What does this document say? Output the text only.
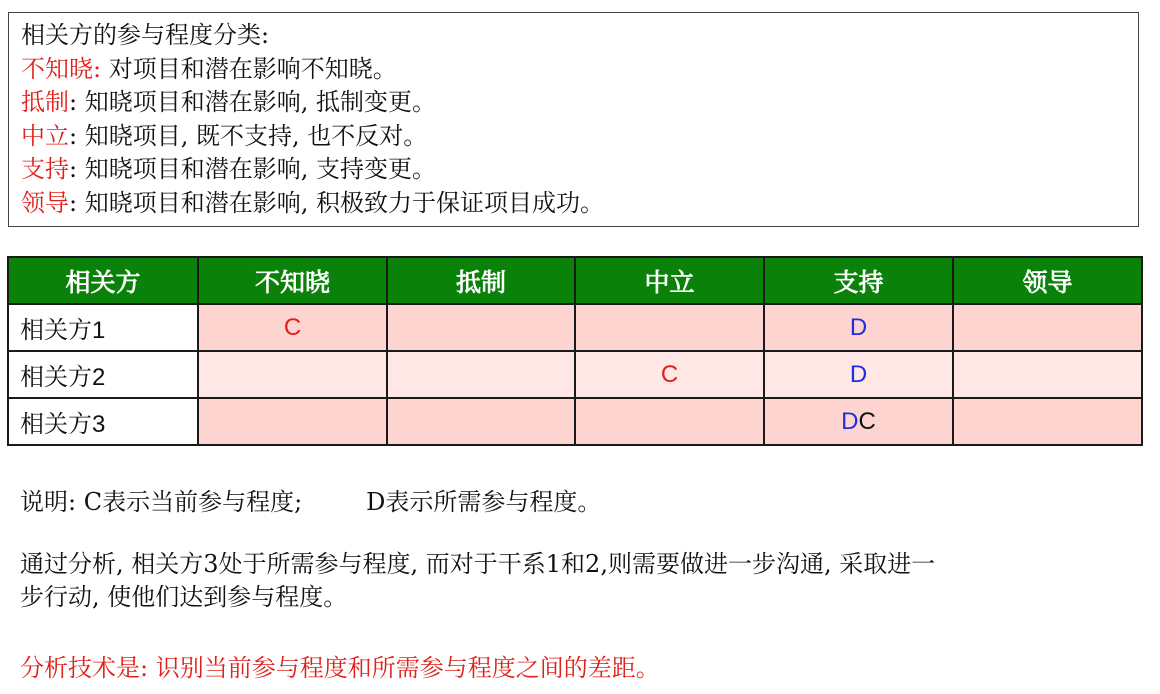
相关方的参与程度分类:
不知晓: 对项目和潜在影响不知晓。
抵制: 知晓项目和潜在影响, 抵制变更。
中立: 知晓项目, 既不支持, 也不反对。
支持: 知晓项目和潜在影响, 支持变更。
领导: 知晓项目和潜在影响, 积极致力于保证项目成功。
相关方	不知晓	抵制	中立	支持	领导
相关方1	C			D	
相关方2			C	D	
相关方3				DC	
说明: C表示当前参与程度;	D表示所需参与程度。
通过分析, 相关方3处于所需参与程度, 而对于干系1和2,则需要做进一步沟通, 采取进一
步行动, 使他们达到参与程度。
分析技术是: 识别当前参与程度和所需参与程度之间的差距。
